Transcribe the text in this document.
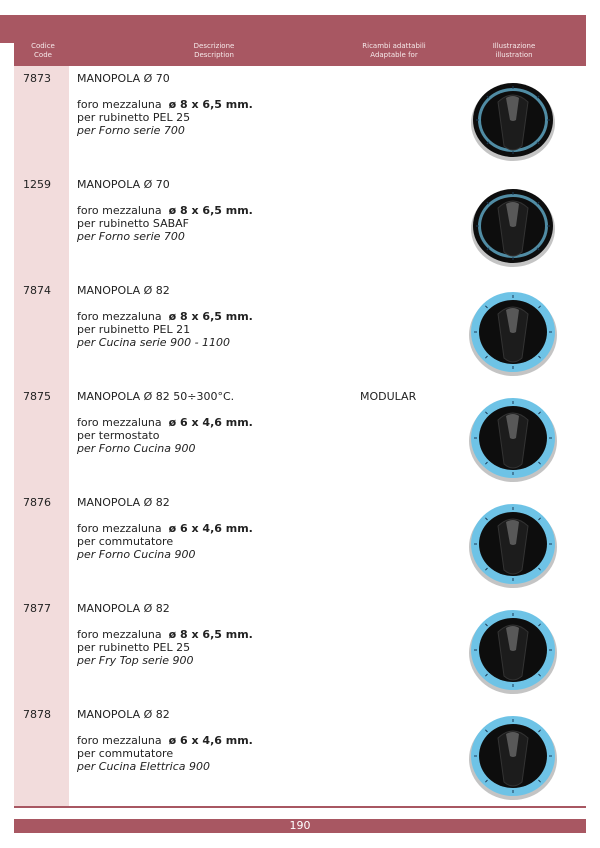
Codice
Code
Descrizione
Description
Ricambi adattabili
Adaptable for
Illustrazione
illustration
7873 MANOPOLA Ø 70
foro mezzaluna ø 8 x 6,5 mm.
per rubinetto PEL 25
per Forno serie 700
1259 MANOPOLA Ø 70
foro mezzaluna ø 8 x 6,5 mm.
per rubinetto SABAF
per Forno serie 700
7874 MANOPOLA Ø 82
foro mezzaluna ø 8 x 6,5 mm.
per rubinetto PEL 21
per Cucina serie 900 - 1100
7875 MANOPOLA Ø 82 50÷300°C.
foro mezzaluna ø 6 x 4,6 mm.
per termostato
per Forno Cucina 900
MODULAR
7876 MANOPOLA Ø 82
foro mezzaluna ø 6 x 4,6 mm.
per commutatore
per Forno Cucina 900
7877 MANOPOLA Ø 82
foro mezzaluna ø 8 x 6,5 mm.
per rubinetto PEL 25
per Fry Top serie 900
7878 MANOPOLA Ø 82
foro mezzaluna ø 6 x 4,6 mm.
per commutatore
per Cucina Elettrica 900
190
